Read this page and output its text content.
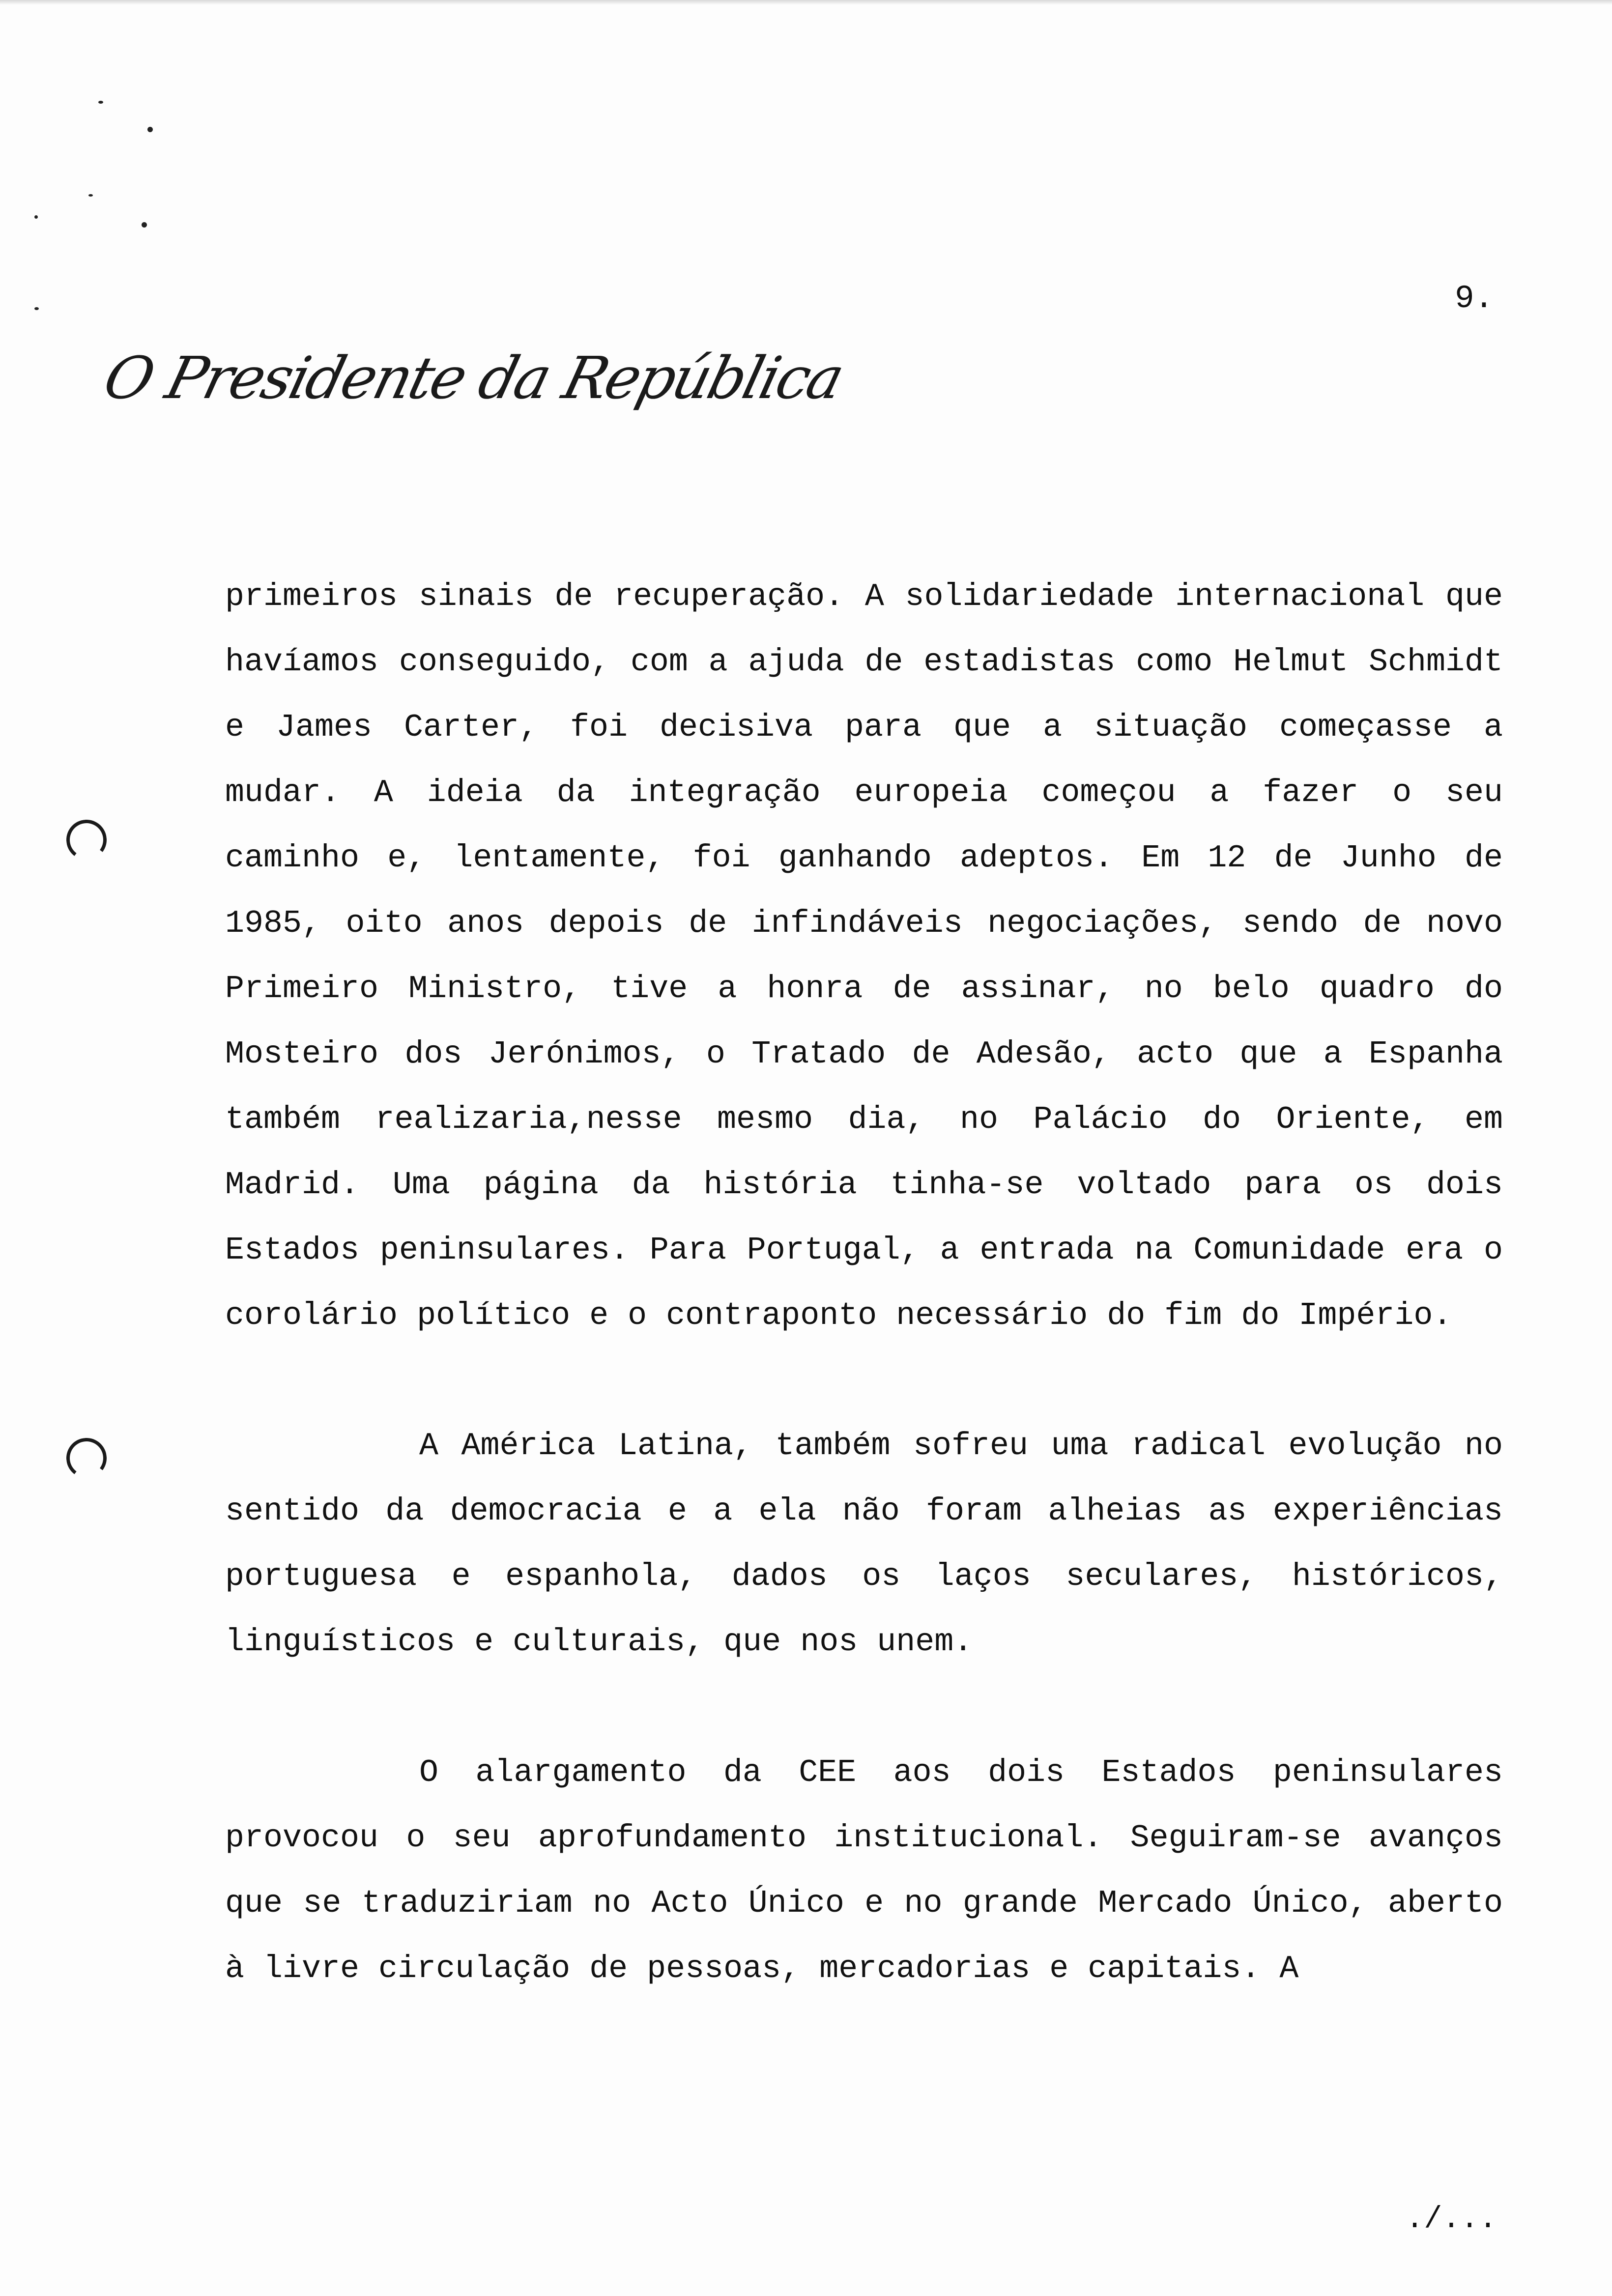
9.
O Presidente da República

primeiros sinais de recuperação. A solidariedade internacional que havíamos conseguido, com a ajuda de estadistas como Helmut Schmidt e James Carter, foi decisiva para que a situação começasse a mudar. A ideia da integração europeia começou a fazer o seu caminho e, lentamente, foi ganhando adeptos. Em 12 de Junho de 1985, oito anos depois de infindáveis negociações, sendo de novo Primeiro Ministro, tive a honra de assinar, no belo quadro do Mosteiro dos Jerónimos, o Tratado de Adesão, acto que a Espanha também realizaria,nesse mesmo dia, no Palácio do Oriente, em Madrid. Uma página da história tinha-se voltado para os dois Estados peninsulares. Para Portugal, a entrada na Comunidade era o corolário político e o contraponto necessário do fim do Império.

A América Latina, também sofreu uma radical evolução no sentido da democracia e a ela não foram alheias as experiências portuguesa e espanhola, dados os laços seculares, históricos, linguísticos e culturais, que nos unem.

O alargamento da CEE aos dois Estados peninsulares provocou o seu aprofundamento institucional. Seguiram-se avanços que se traduziriam no Acto Único e no grande Mercado Único, aberto à livre circulação de pessoas, mercadorias e capitais. A

./...
